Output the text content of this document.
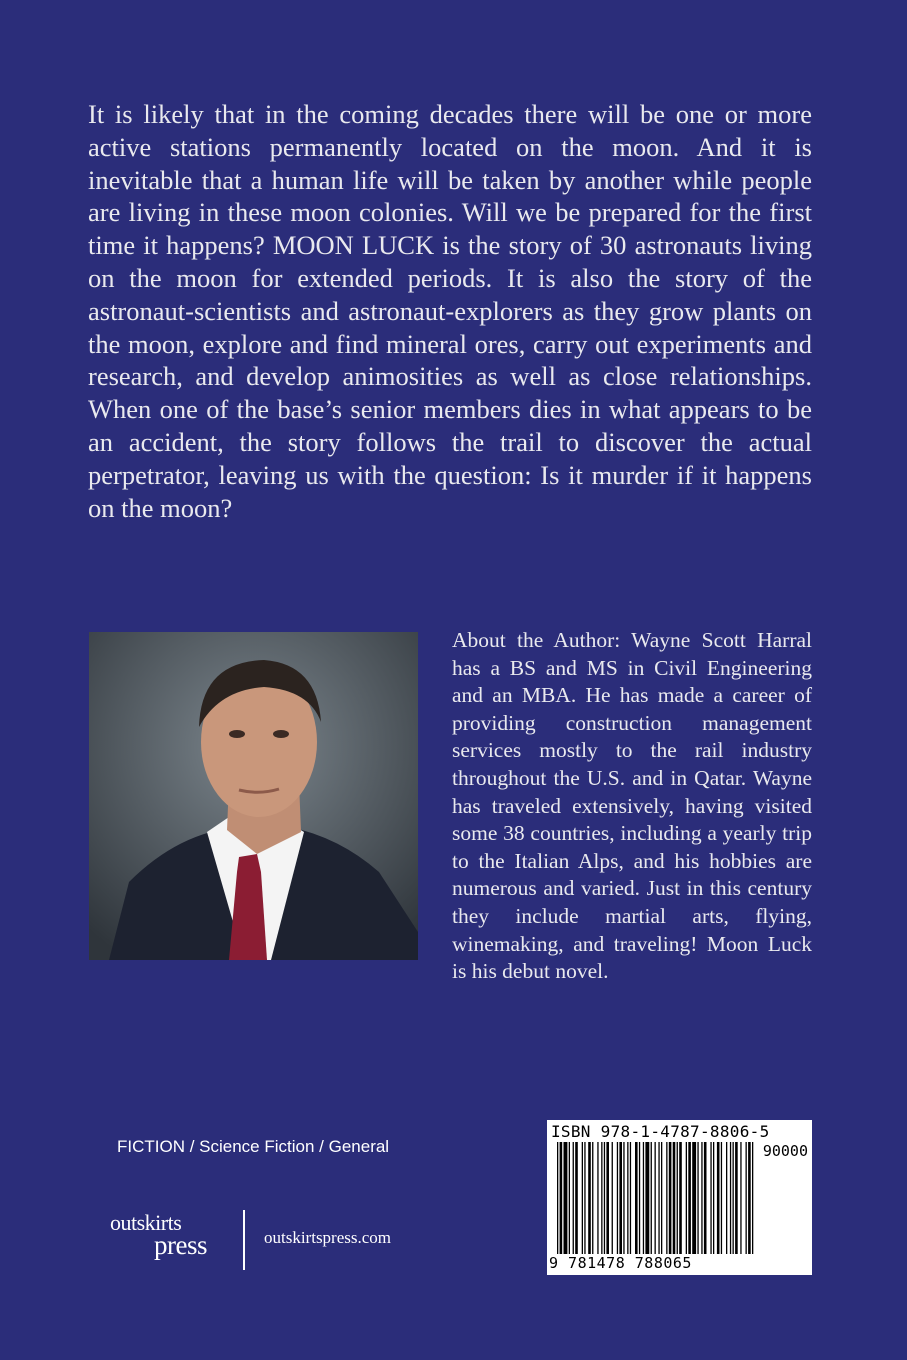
It is likely that in the coming decades there will be one or more active stations permanently located on the moon. And it is inevitable that a human life will be taken by another while people are living in these moon colonies. Will we be prepared for the first time it happens? MOON LUCK is the story of 30 astronauts living on the moon for extended periods. It is also the story of the astronaut-scientists and astronaut-explorers as they grow plants on the moon, explore and find mineral ores, carry out experiments and research, and develop animosities as well as close relationships. When one of the base’s senior members dies in what appears to be an accident, the story follows the trail to discover the actual perpetrator, leaving us with the question: Is it murder if it happens on the moon?
About the Author: Wayne Scott Harral has a BS and MS in Civil Engineering and an MBA. He has made a career of providing construction management services mostly to the rail industry throughout the U.S. and in Qatar. Wayne has traveled extensively, having visited some 38 countries, including a yearly trip to the Italian Alps, and his hobbies are numerous and varied. Just in this century they include martial arts, flying, winemaking, and traveling! Moon Luck is his debut novel.
FICTION / Science Fiction / General
outskirts
press	outskirtspress.com
ISBN 978-1-4787-8806-5
90000
9 781478 788065
